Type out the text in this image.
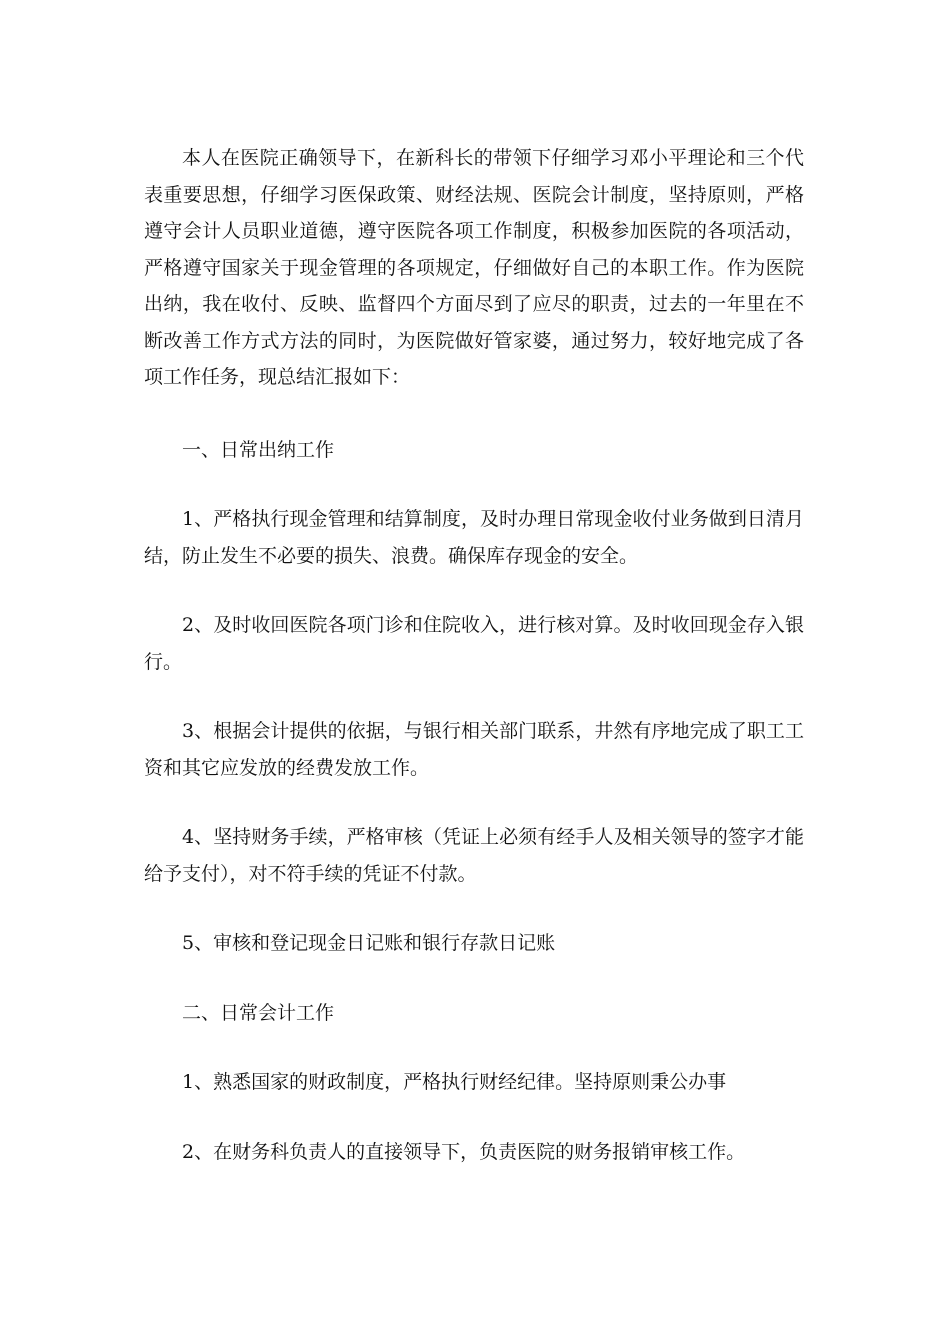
本人在医院正确领导下，在新科长的带领下仔细学习邓小平理论和三个代表重要思想，仔细学习医保政策、财经法规、医院会计制度，坚持原则，严格遵守会计人员职业道德，遵守医院各项工作制度，积极参加医院的各项活动，严格遵守国家关于现金管理的各项规定，仔细做好自己的本职工作。作为医院出纳，我在收付、反映、监督四个方面尽到了应尽的职责，过去的一年里在不断改善工作方式方法的同时，为医院做好管家婆，通过努力，较好地完成了各项工作任务，现总结汇报如下：

一、日常出纳工作

1、严格执行现金管理和结算制度，及时办理日常现金收付业务做到日清月结，防止发生不必要的损失、浪费。确保库存现金的安全。

2、及时收回医院各项门诊和住院收入，进行核对算。及时收回现金存入银行。

3、根据会计提供的依据，与银行相关部门联系，井然有序地完成了职工工资和其它应发放的经费发放工作。

4、坚持财务手续，严格审核（凭证上必须有经手人及相关领导的签字才能给予支付），对不符手续的凭证不付款。

5、审核和登记现金日记账和银行存款日记账

二、日常会计工作

1、熟悉国家的财政制度，严格执行财经纪律。坚持原则秉公办事

2、在财务科负责人的直接领导下，负责医院的财务报销审核工作。
